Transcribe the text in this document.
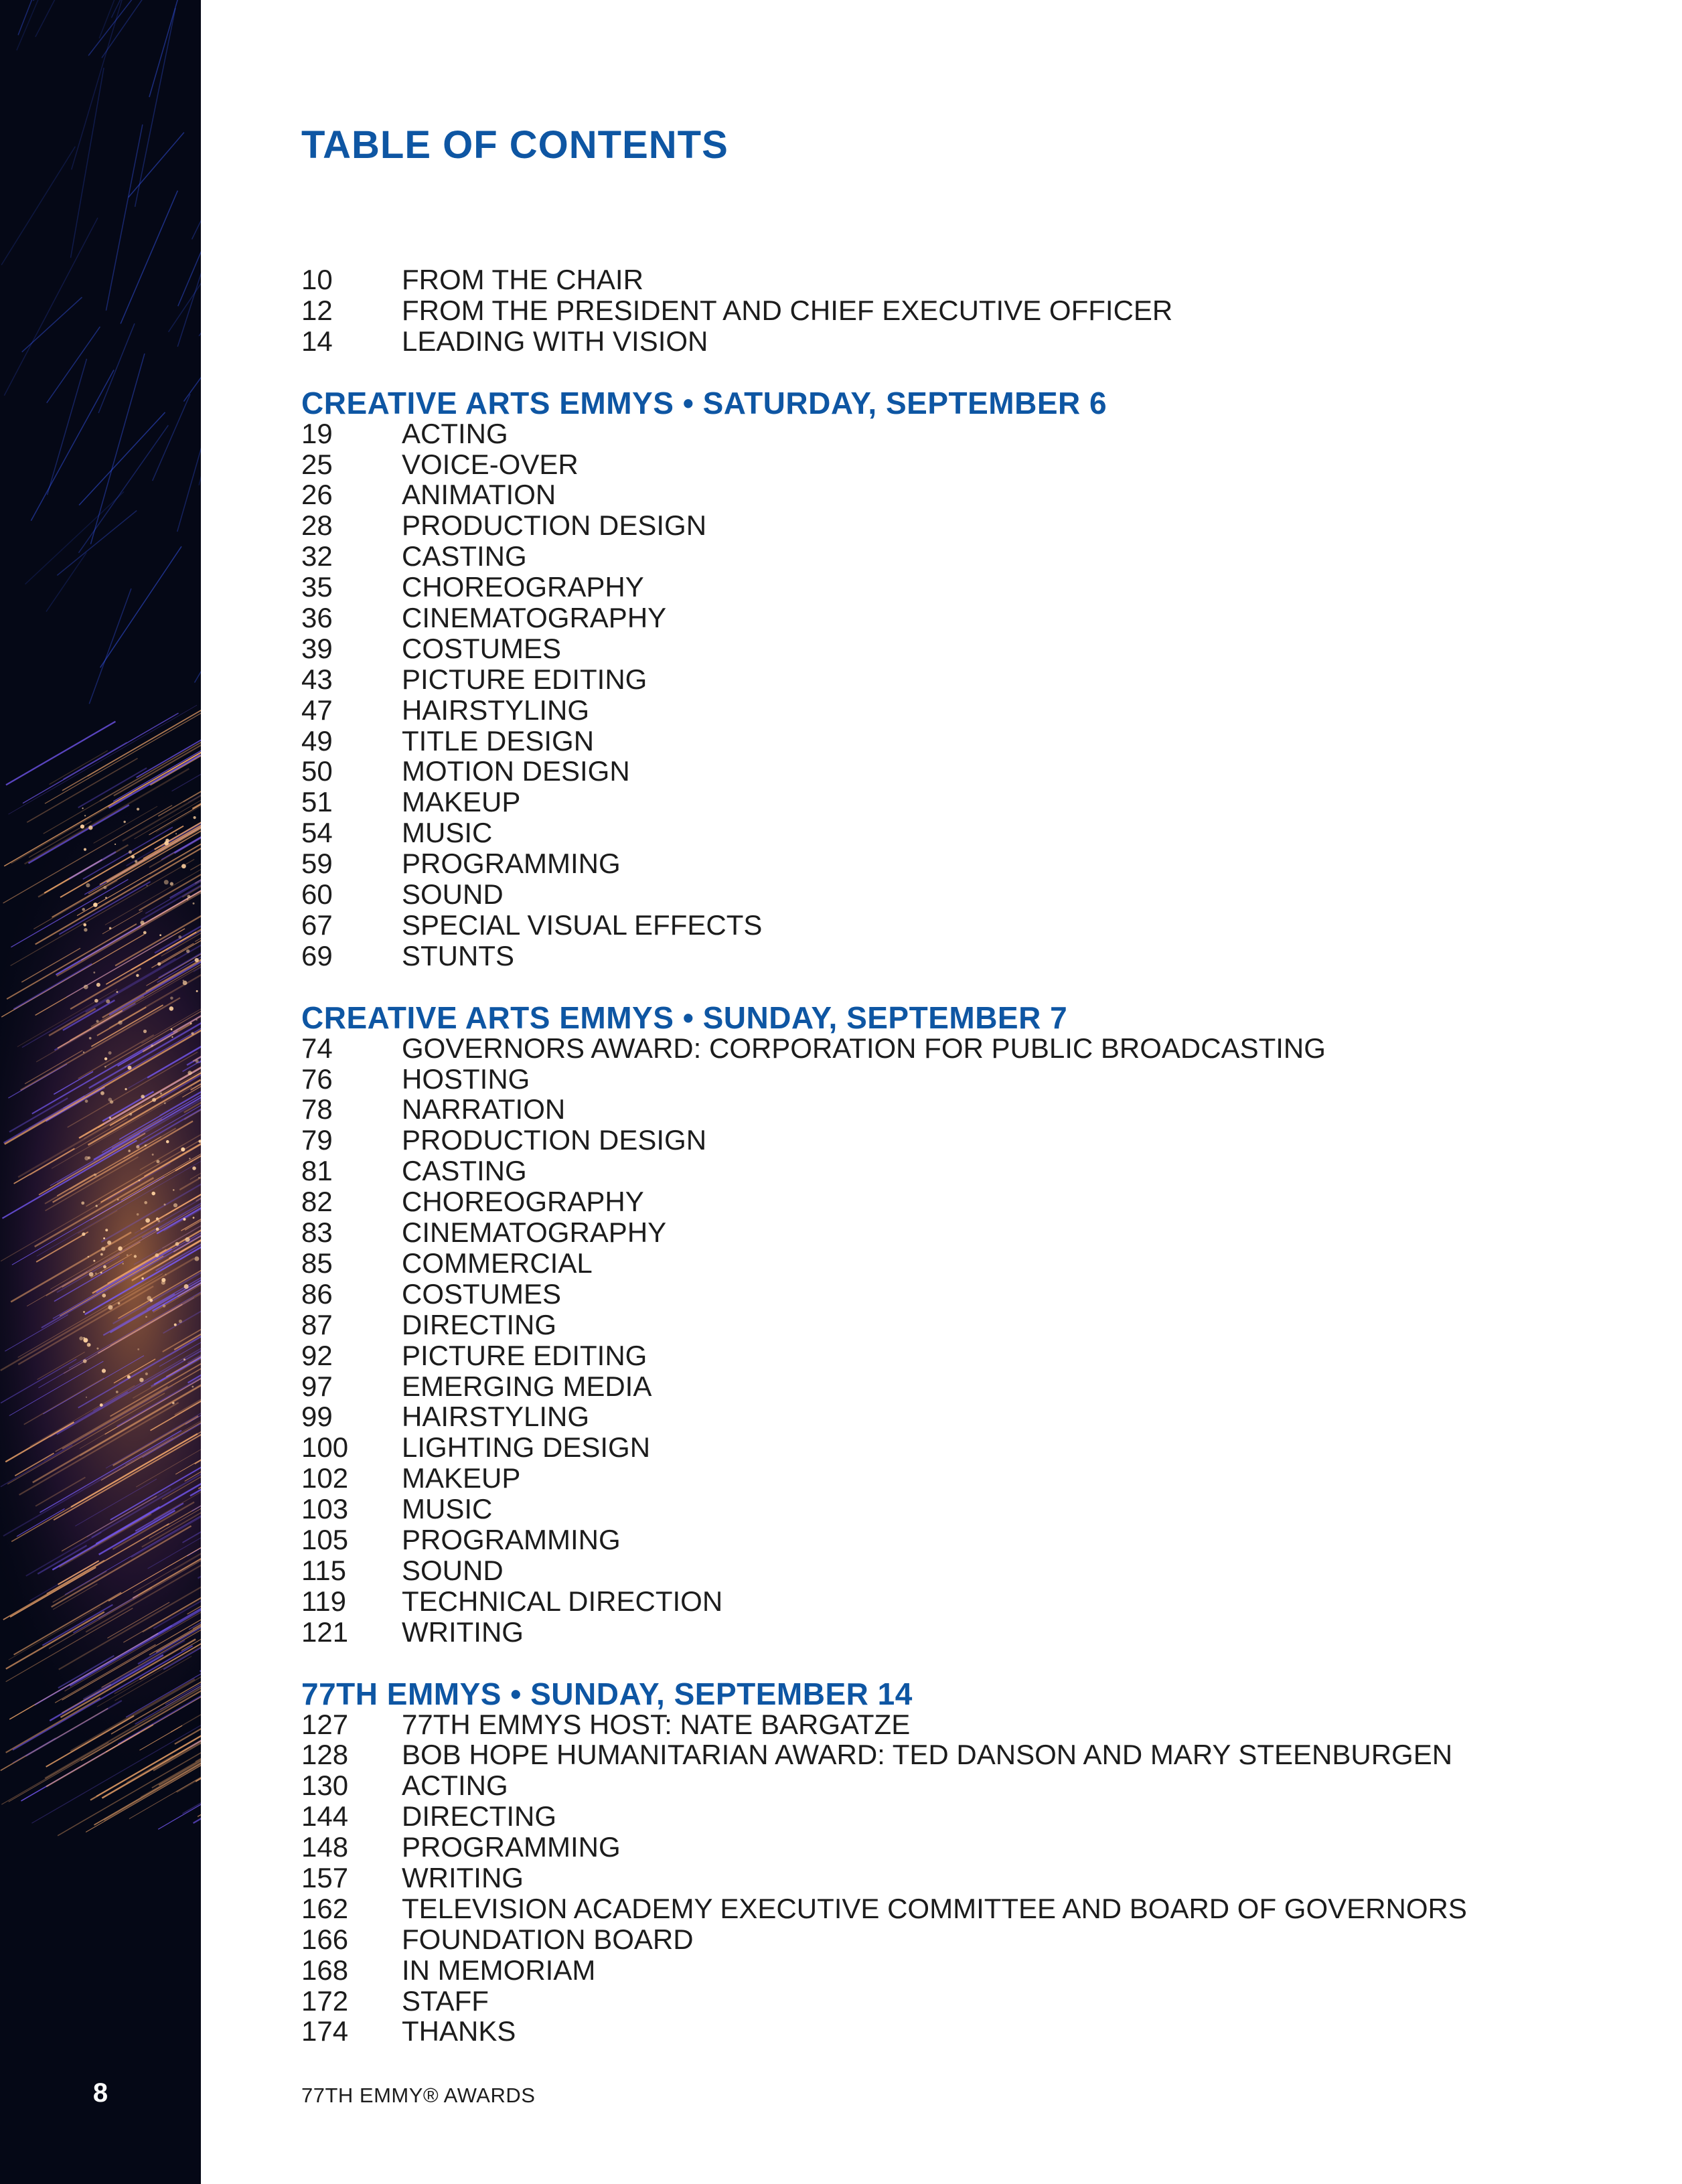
8
TABLE OF CONTENTS
10	FROM THE CHAIR
12	FROM THE PRESIDENT AND CHIEF EXECUTIVE OFFICER
14	LEADING WITH VISION
CREATIVE ARTS EMMYS • SATURDAY, SEPTEMBER 6
19	ACTING
25	VOICE-OVER
26	ANIMATION
28	PRODUCTION DESIGN
32	CASTING
35	CHOREOGRAPHY
36	CINEMATOGRAPHY
39	COSTUMES
43	PICTURE EDITING
47	HAIRSTYLING
49	TITLE DESIGN
50	MOTION DESIGN
51	MAKEUP
54	MUSIC
59	PROGRAMMING
60	SOUND
67	SPECIAL VISUAL EFFECTS
69	STUNTS
CREATIVE ARTS EMMYS • SUNDAY, SEPTEMBER 7
74	GOVERNORS AWARD: CORPORATION FOR PUBLIC BROADCASTING
76	HOSTING
78	NARRATION
79	PRODUCTION DESIGN
81	CASTING
82	CHOREOGRAPHY
83	CINEMATOGRAPHY
85	COMMERCIAL
86	COSTUMES
87	DIRECTING
92	PICTURE EDITING
97	EMERGING MEDIA
99	HAIRSTYLING
100	LIGHTING DESIGN
102	MAKEUP
103	MUSIC
105	PROGRAMMING
115	SOUND
119	TECHNICAL DIRECTION
121	WRITING
77TH EMMYS • SUNDAY, SEPTEMBER 14
127	77TH EMMYS HOST: NATE BARGATZE
128	BOB HOPE HUMANITARIAN AWARD: TED DANSON AND MARY STEENBURGEN
130	ACTING
144	DIRECTING
148	PROGRAMMING
157	WRITING
162	TELEVISION ACADEMY EXECUTIVE COMMITTEE AND BOARD OF GOVERNORS
166	FOUNDATION BOARD
168	IN MEMORIAM
172	STAFF
174	THANKS
77TH EMMY® AWARDS
